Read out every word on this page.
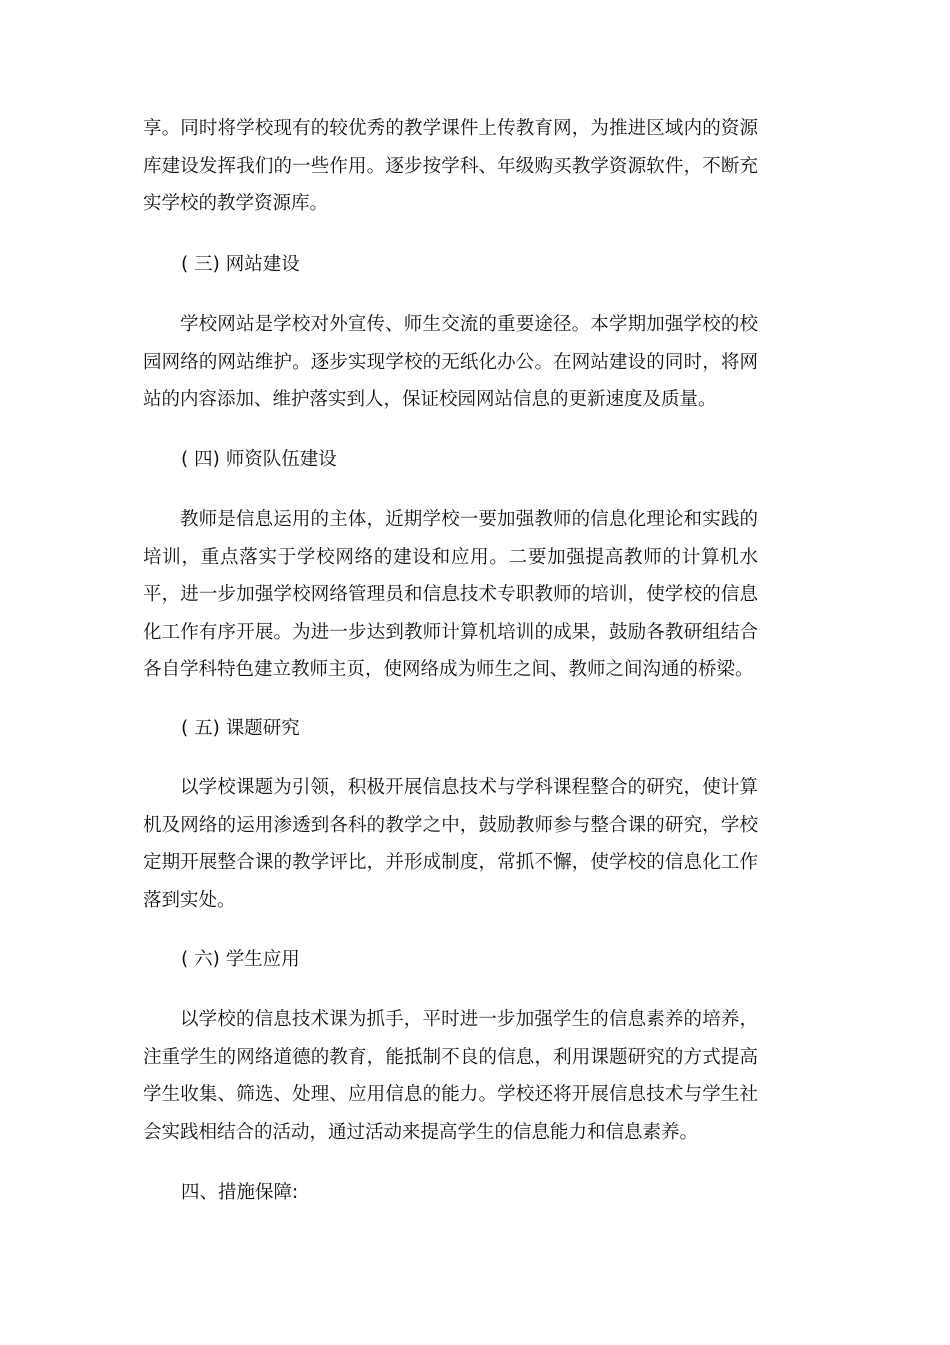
享。同时将学校现有的较优秀的教学课件上传教育网，为推进区域内的资源库建设发挥我们的一些作用。逐步按学科、年级购买教学资源软件，不断充实学校的教学资源库。

( 三) 网站建设

学校网站是学校对外宣传、师生交流的重要途径。本学期加强学校的校园网络的网站维护。逐步实现学校的无纸化办公。在网站建设的同时，将网站的内容添加、维护落实到人，保证校园网站信息的更新速度及质量。

( 四) 师资队伍建设

教师是信息运用的主体，近期学校一要加强教师的信息化理论和实践的培训，重点落实于学校网络的建设和应用。二要加强提高教师的计算机水平，进一步加强学校网络管理员和信息技术专职教师的培训，使学校的信息化工作有序开展。为进一步达到教师计算机培训的成果，鼓励各教研组结合各自学科特色建立教师主页，使网络成为师生之间、教师之间沟通的桥梁。

( 五) 课题研究

以学校课题为引领，积极开展信息技术与学科课程整合的研究，使计算机及网络的运用渗透到各科的教学之中，鼓励教师参与整合课的研究，学校定期开展整合课的教学评比，并形成制度，常抓不懈，使学校的信息化工作落到实处。

( 六) 学生应用

以学校的信息技术课为抓手，平时进一步加强学生的信息素养的培养，注重学生的网络道德的教育，能抵制不良的信息，利用课题研究的方式提高学生收集、筛选、处理、应用信息的能力。学校还将开展信息技术与学生社会实践相结合的活动，通过活动来提高学生的信息能力和信息素养。

四、措施保障:
